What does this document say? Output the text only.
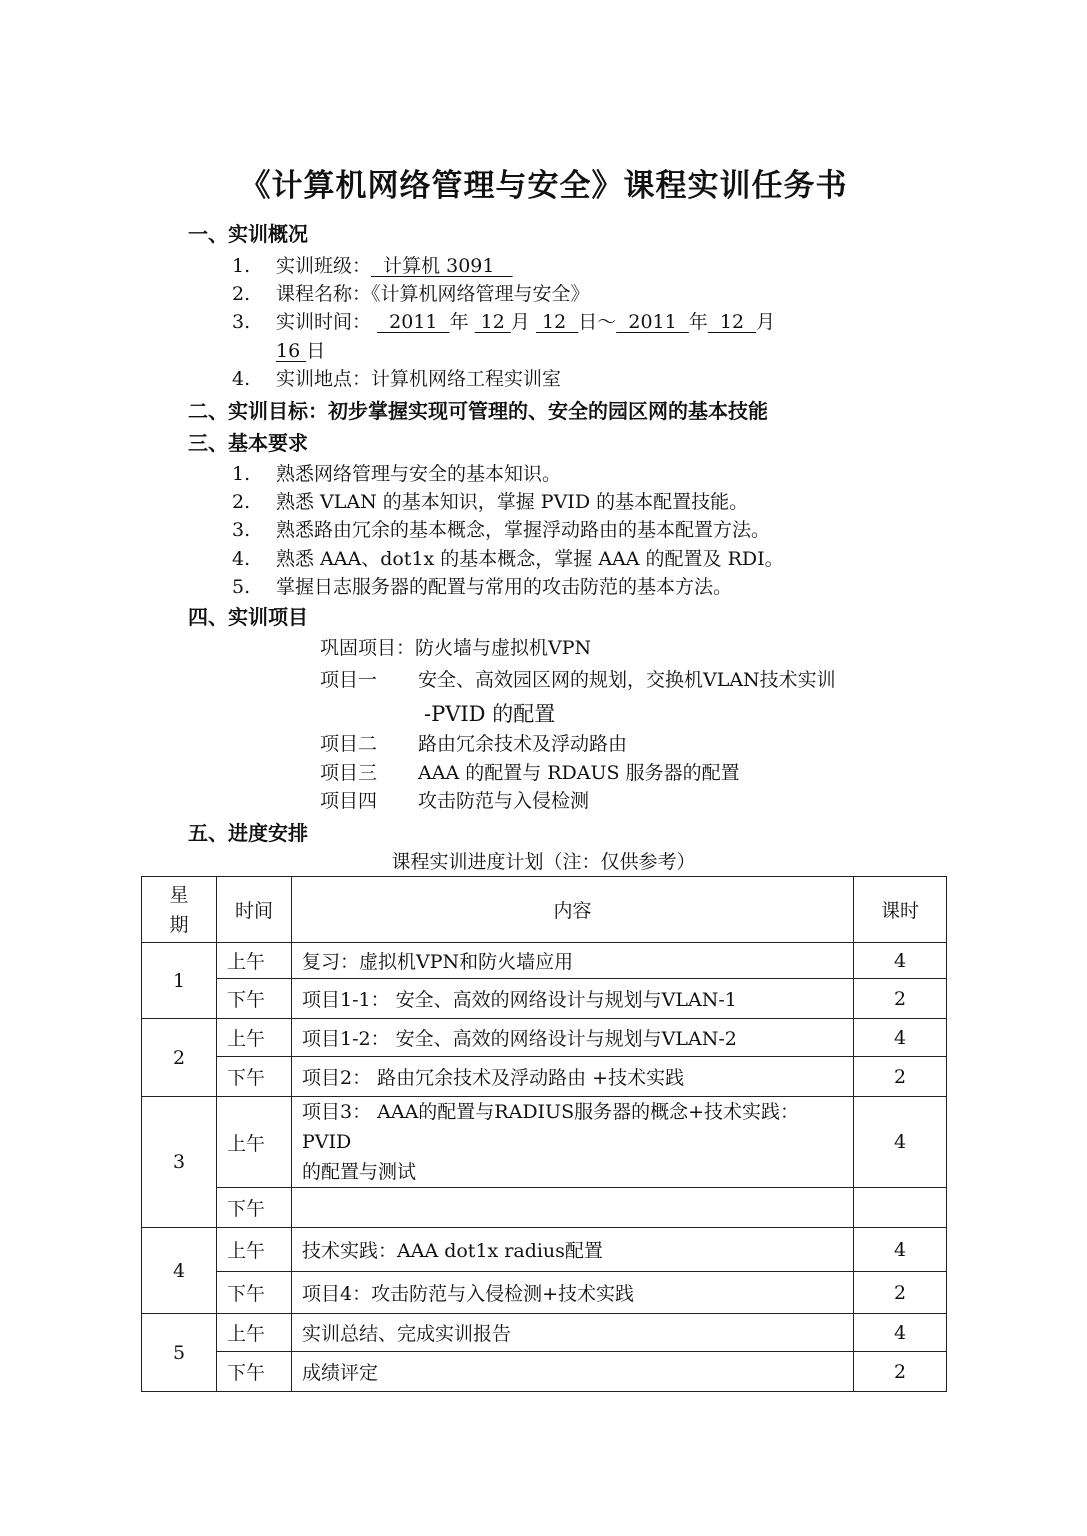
《计算机网络管理与安全》课程实训任务书
一、实训概况
1. 实训班级：  计算机 3091
2. 课程名称：《计算机网络管理与安全》
3. 实训时间：   2011  年  12 月  12  日～  2011  年  12  月
16 日
4. 实训地点：计算机网络工程实训室
二、实训目标：初步掌握实现可管理的、安全的园区网的基本技能
三、基本要求
1. 熟悉网络管理与安全的基本知识。
2. 熟悉 VLAN 的基本知识，掌握 PVID 的基本配置技能。
3. 熟悉路由冗余的基本概念，掌握浮动路由的基本配置方法。
4. 熟悉 AAA、dot1x 的基本概念，掌握 AAA 的配置及 RDI。
5. 掌握日志服务器的配置与常用的攻击防范的基本方法。
四、实训项目
巩固项目：防火墙与虚拟机VPN
项目一 安全、高效园区网的规划，交换机VLAN技术实训
-PVID 的配置
项目二 路由冗余技术及浮动路由
项目三 AAA 的配置与 RDAUS 服务器的配置
项目四 攻击防范与入侵检测
五、进度安排
课程实训进度计划（注：仅供参考）
星
期	时间	内容	课时
1	上午	复习：虚拟机VPN和防火墙应用	4
	下午	项目1-1： 安全、高效的网络设计与规划与VLAN-1	2
2	上午	项目1-2： 安全、高效的网络设计与规划与VLAN-2	4
	下午	项目2： 路由冗余技术及浮动路由 +技术实践	2
3	上午	项目3： AAA的配置与RADIUS服务器的概念+技术实践：PVID
的配置与测试	4
	下午		
4	上午	技术实践：AAA dot1x radius配置	4
	下午	项目4：攻击防范与入侵检测+技术实践	2
5	上午	实训总结、完成实训报告	4
	下午	成绩评定	2
